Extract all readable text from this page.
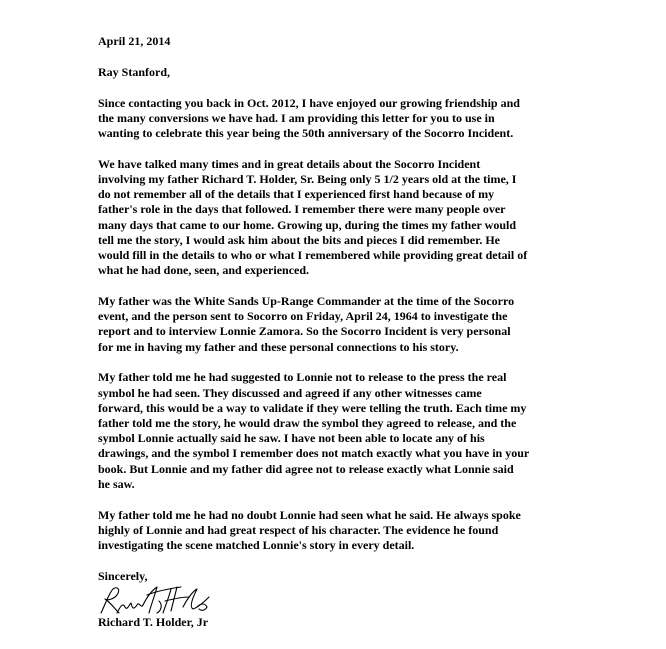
April 21, 2014

Ray Stanford,

Since contacting you back in Oct. 2012, I have enjoyed our growing friendship and
the many conversions we have had. I am providing this letter for you to use in
wanting to celebrate this year being the 50th anniversary of the Socorro Incident.

We have talked many times and in great details about the Socorro Incident
involving my father Richard T. Holder, Sr. Being only 5 1/2 years old at the time, I
do not remember all of the details that I experienced first hand because of my
father's role in the days that followed. I remember there were many people over
many days that came to our home. Growing up, during the times my father would
tell me the story, I would ask him about the bits and pieces I did remember. He
would fill in the details to who or what I remembered while providing great detail of
what he had done, seen, and experienced.

My father was the White Sands Up-Range Commander at the time of the Socorro
event, and the person sent to Socorro on Friday, April 24, 1964 to investigate the
report and to interview Lonnie Zamora. So the Socorro Incident is very personal
for me in having my father and these personal connections to his story.

My father told me he had suggested to Lonnie not to release to the press the real
symbol he had seen. They discussed and agreed if any other witnesses came
forward, this would be a way to validate if they were telling the truth. Each time my
father told me the story, he would draw the symbol they agreed to release, and the
symbol Lonnie actually said he saw. I have not been able to locate any of his
drawings, and the symbol I remember does not match exactly what you have in your
book. But Lonnie and my father did agree not to release exactly what Lonnie said
he saw.

My father told me he had no doubt Lonnie had seen what he said. He always spoke
highly of Lonnie and had great respect of his character. The evidence he found
investigating the scene matched Lonnie's story in every detail.

Sincerely,

Richard T. Holder, Jr
